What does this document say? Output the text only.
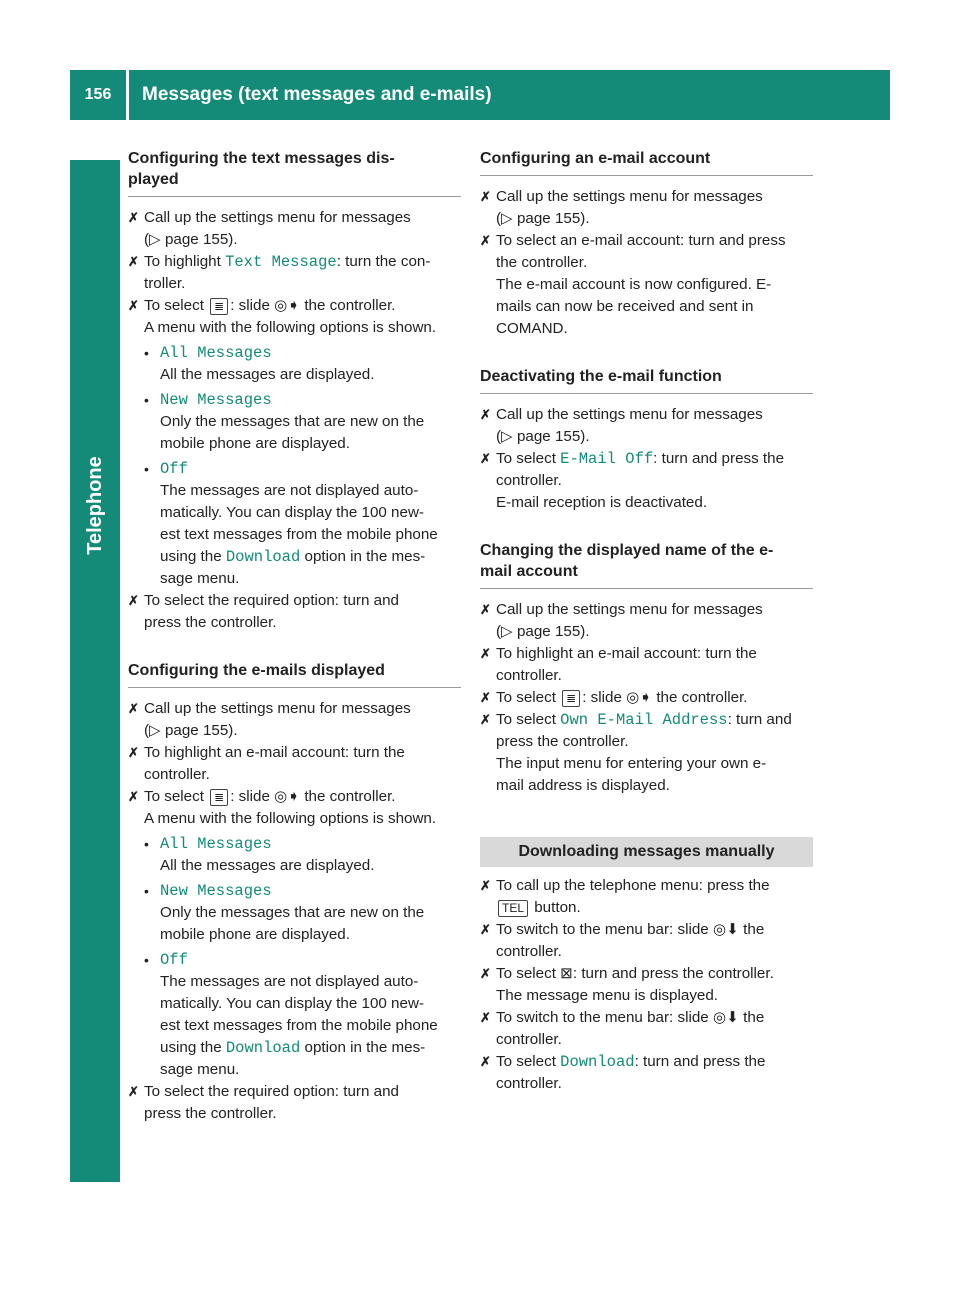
156	Messages (text messages and e-mails)
Telephone
Configuring the text messages dis-
played
✗ Call up the settings menu for messages
(▷ page 155).
✗ To highlight Text Message: turn the con-
troller.
✗ To select ≣ : slide ◎➧ the controller.
A menu with the following options is shown.
• All Messages
All the messages are displayed.
• New Messages
Only the messages that are new on the
mobile phone are displayed.
• Off
The messages are not displayed auto-
matically. You can display the 100 new-
est text messages from the mobile phone
using the Download option in the mes-
sage menu.
✗ To select the required option: turn and
press the controller.
Configuring the e-mails displayed
✗ Call up the settings menu for messages
(▷ page 155).
✗ To highlight an e-mail account: turn the
controller.
✗ To select ≣ : slide ◎➧ the controller.
A menu with the following options is shown.
• All Messages
All the messages are displayed.
• New Messages
Only the messages that are new on the
mobile phone are displayed.
• Off
The messages are not displayed auto-
matically. You can display the 100 new-
est text messages from the mobile phone
using the Download option in the mes-
sage menu.
✗ To select the required option: turn and
press the controller.
Configuring an e-mail account
✗ Call up the settings menu for messages
(▷ page 155).
✗ To select an e-mail account: turn and press
the controller.
The e-mail account is now configured. E-
mails can now be received and sent in
COMAND.
Deactivating the e-mail function
✗ Call up the settings menu for messages
(▷ page 155).
✗ To select E-Mail Off: turn and press the
controller.
E-mail reception is deactivated.
Changing the displayed name of the e-
mail account
✗ Call up the settings menu for messages
(▷ page 155).
✗ To highlight an e-mail account: turn the
controller.
✗ To select ≣ : slide ◎➧ the controller.
✗ To select Own E-Mail Address: turn and
press the controller.
The input menu for entering your own e-
mail address is displayed.
Downloading messages manually
✗ To call up the telephone menu: press the
TEL button.
✗ To switch to the menu bar: slide ◎⬇ the
controller.
✗ To select ⊠: turn and press the controller.
The message menu is displayed.
✗ To switch to the menu bar: slide ◎⬇ the
controller.
✗ To select Download: turn and press the
controller.
